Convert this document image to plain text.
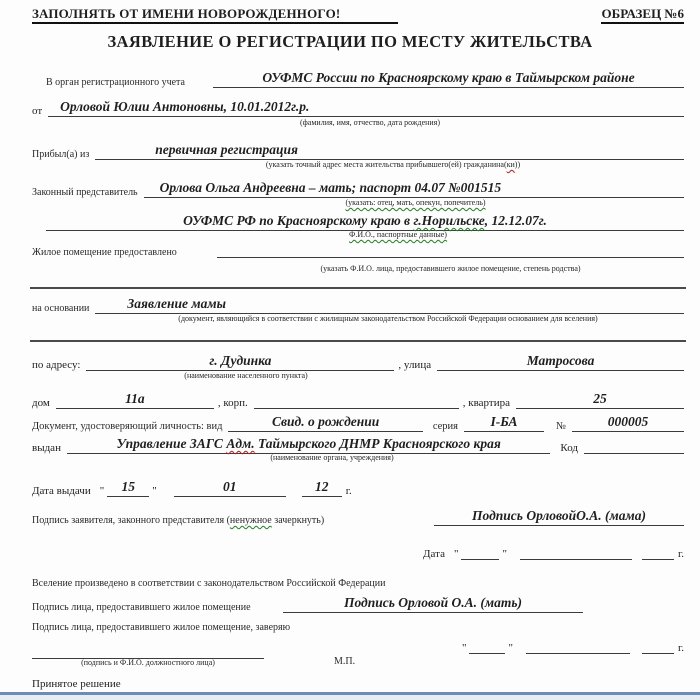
ЗАПОЛНЯТЬ ОТ ИМЕНИ НОВОРОЖДЕННОГО!	ОБРАЗЕЦ №6
ЗАЯВЛЕНИЕ О РЕГИСТРАЦИИ ПО МЕСТУ ЖИТЕЛЬСТВА
В орган регистрационного учета	ОУФМС России по Красноярскому краю в Таймырском районе
от	Орловой Юлии Антоновны, 10.01.2012г.р.
(фамилия, имя, отчество, дата рождения)
Прибыл(а) из	первичная регистрация
(указать точный адрес места жительства прибывшего(ей) гражданина(ки))
Законный представитель	Орлова Ольга Андреевна – мать; паспорт 04.07 №001515
(указать: отец, мать, опекун, попечитель)
ОУФМС РФ по Красноярскому краю в г.Норильске, 12.12.07г.
Ф.И.О., паспортные данные)
Жилое помещение предоставлено
(указать Ф.И.О. лица, предоставившего жилое помещение, степень родства)
на основании	Заявление мамы
(документ, являющийся в соответствии с жилищным законодательством Российской Федерации основанием для вселения)
по адресу:	г. Дудинка	, улица	Матросова
(наименование населенного пункта)
дом	11а	, корп.	, квартира	25
Документ, удостоверяющий личность: вид	Свид. о рождении	серия	I-БА	№	000005
выдан	Управление ЗАГС Адм. Таймырского ДНМР Красноярского края	Код
(наименование органа, учреждения)
Дата выдачи "	15	"	01	12	г.
Подпись заявителя, законного представителя (ненужное зачеркнуть)	Подпись ОрловойО.А. (мама)
Дата "	"	г.
Вселение произведено в соответствии с законодательством Российской Федерации
Подпись лица, предоставившего жилое помещение	Подпись Орловой О.А. (мать)
Подпись лица, предоставившего жилое помещение, заверяю
(подпись и Ф.И.О. должностного лица)	М.П.
"	"	г.
Принятое решение
